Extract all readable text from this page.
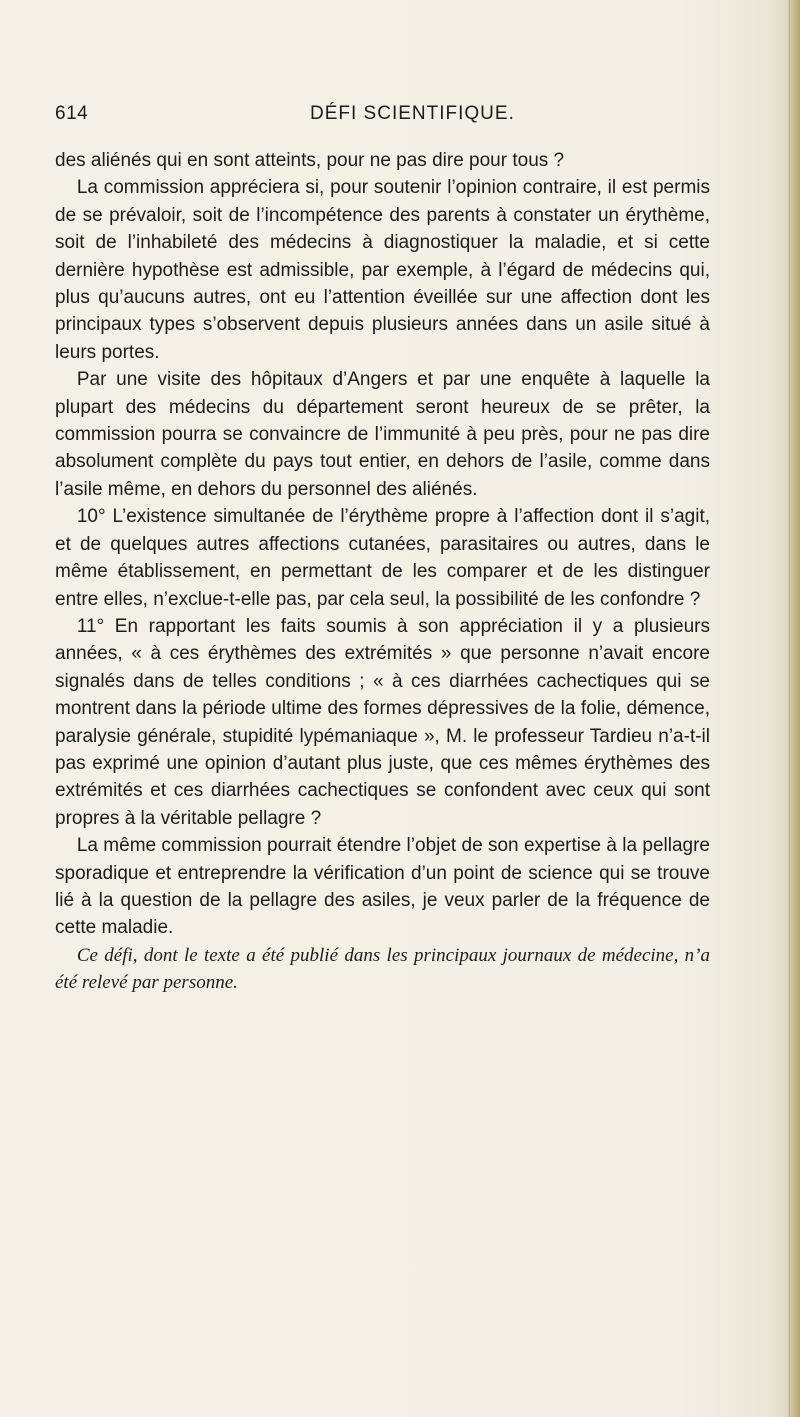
614	DÉFI SCIENTIFIQUE.

des aliénés qui en sont atteints, pour ne pas dire pour tous ?

La commission appréciera si, pour soutenir l’opinion contraire, il est permis de se prévaloir, soit de l’incompétence des parents à constater un érythème, soit de l’inhabileté des médecins à diagnostiquer la maladie, et si cette dernière hypothèse est admissible, par exemple, à l’égard de médecins qui, plus qu’aucuns autres, ont eu l’attention éveillée sur une affection dont les principaux types s’observent depuis plusieurs années dans un asile situé à leurs portes.

Par une visite des hôpitaux d’Angers et par une enquête à laquelle la plupart des médecins du département seront heureux de se prêter, la commission pourra se convaincre de l’immunité à peu près, pour ne pas dire absolument complète du pays tout entier, en dehors de l’asile, comme dans l’asile même, en dehors du personnel des aliénés.

10° L’existence simultanée de l’érythème propre à l’affection dont il s’agit, et de quelques autres affections cutanées, parasitaires ou autres, dans le même établissement, en permettant de les comparer et de les distinguer entre elles, n’exclue-t-elle pas, par cela seul, la possibilité de les confondre ?

11° En rapportant les faits soumis à son appréciation il y a plusieurs années, « à ces érythèmes des extrémités » que personne n’avait encore signalés dans de telles conditions ; « à ces diarrhées cachectiques qui se montrent dans la période ultime des formes dépressives de la folie, démence, paralysie générale, stupidité lypémaniaque », M. le professeur Tardieu n’a-t-il pas exprimé une opinion d’autant plus juste, que ces mêmes érythèmes des extrémités et ces diarrhées cachectiques se confondent avec ceux qui sont propres à la véritable pellagre ?

La même commission pourrait étendre l’objet de son expertise à la pellagre sporadique et entreprendre la vérification d’un point de science qui se trouve lié à la question de la pellagre des asiles, je veux parler de la fréquence de cette maladie.

Ce défi, dont le texte a été publié dans les principaux journaux de médecine, n’a été relevé par personne.
